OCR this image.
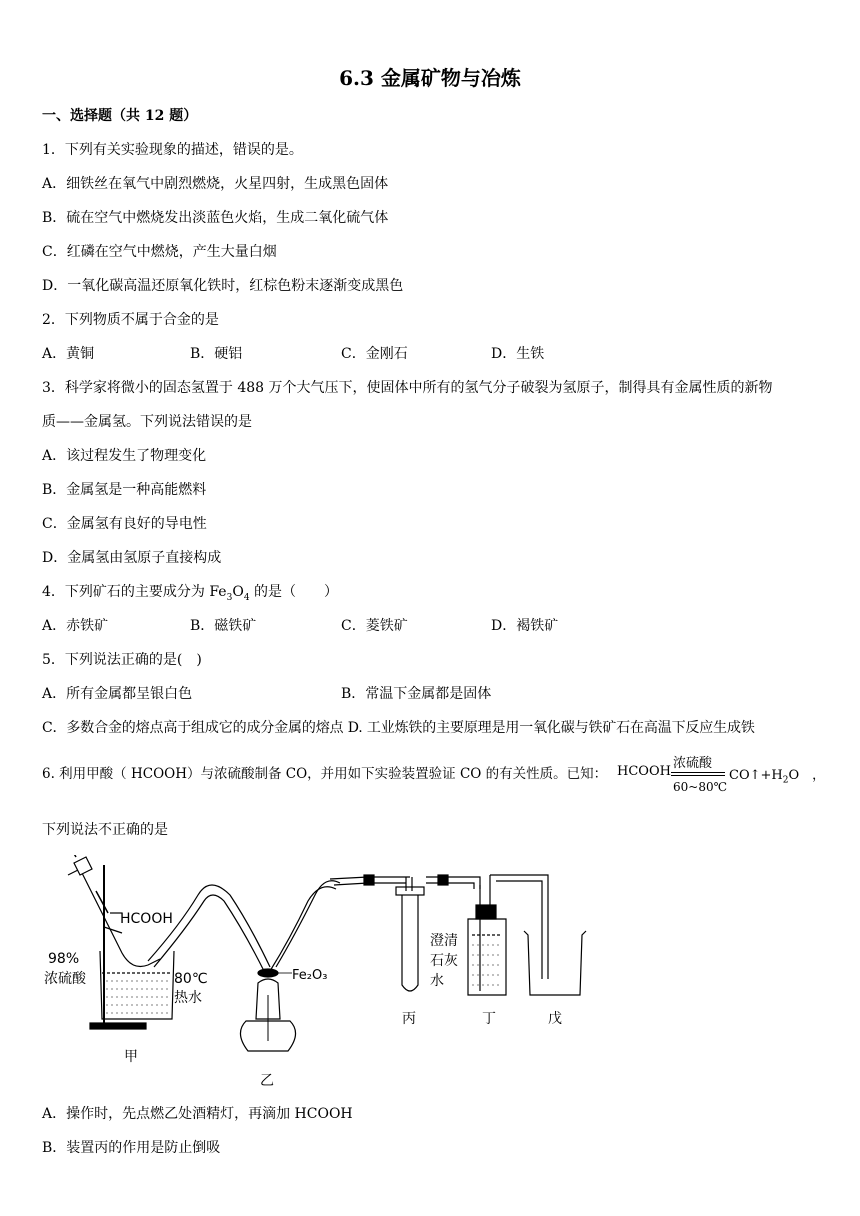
6.3 金属矿物与冶炼
一、选择题（共 12 题）
1．下列有关实验现象的描述，错误的是。
A．细铁丝在氧气中剧烈燃烧，火星四射，生成黑色固体
B．硫在空气中燃烧发出淡蓝色火焰，生成二氧化硫气体
C．红磷在空气中燃烧，产生大量白烟
D．一氧化碳高温还原氧化铁时，红棕色粉末逐渐变成黑色
2．下列物质不属于合金的是
A．黄铜	B．硬铝	C．金刚石	D．生铁
3．科学家将微小的固态氢置于 488 万个大气压下，使固体中所有的氢气分子破裂为氢原子，制得具有金属性质的新物
质——金属氢。下列说法错误的是
A．该过程发生了物理变化
B．金属氢是一种高能燃料
C．金属氢有良好的导电性
D．金属氢由氢原子直接构成
4．下列矿石的主要成分为 $Fe_3O_4$ 的是（　　）
A．赤铁矿	B．磁铁矿	C．菱铁矿	D．褐铁矿
5．下列说法正确的是(　)
A．所有金属都呈银白色	B．常温下金属都是固体
C．多数合金的熔点高于组成它的成分金属的熔点 D. 工业炼铁的主要原理是用一氧化碳与铁矿石在高温下反应生成铁
6. 利用甲酸（ HCOOH）与浓硫酸制备 CO，并用如下实验装置验证 CO 的有关性质。已知： HCOOH
浓硫酸
60~80℃
$CO↑+H_2O$　，
下列说法不正确的是
HCOOH
98%
浓硫酸	80℃
热水
Fe₂O₃
澄清
石灰
水
甲
乙
丙	丁	戊
A．操作时，先点燃乙处酒精灯，再滴加 HCOOH
B．装置丙的作用是防止倒吸
